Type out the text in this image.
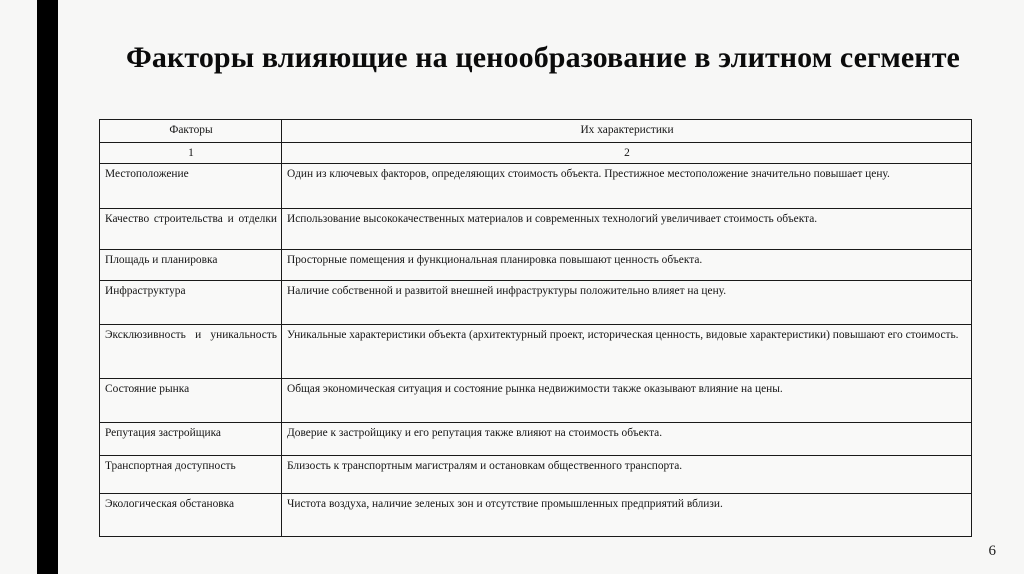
Факторы влияющие на ценообразование в элитном сегменте
Факторы	Их характеристики
1	2
Местоположение	Один из ключевых факторов, определяющих стоимость объекта. Престижное местоположение значительно повышает цену.
Качество строительства и отделки	Использование высококачественных материалов и современных технологий увеличивает стоимость объекта.
Площадь и планировка	Просторные помещения и функциональная планировка повышают ценность объекта.
Инфраструктура	Наличие собственной и развитой внешней инфраструктуры положительно влияет на цену.
Эксклюзивность и уникальность	Уникальные характеристики объекта (архитектурный проект, историческая ценность, видовые характеристики) повышают его стоимость.
Состояние рынка	Общая экономическая ситуация и состояние рынка недвижимости также оказывают влияние на цены.
Репутация застройщика	Доверие к застройщику и его репутация также влияют на стоимость объекта.
Транспортная доступность	Близость к транспортным магистралям и остановкам общественного транспорта.
Экологическая обстановка	Чистота воздуха, наличие зеленых зон и отсутствие промышленных предприятий вблизи.
6
